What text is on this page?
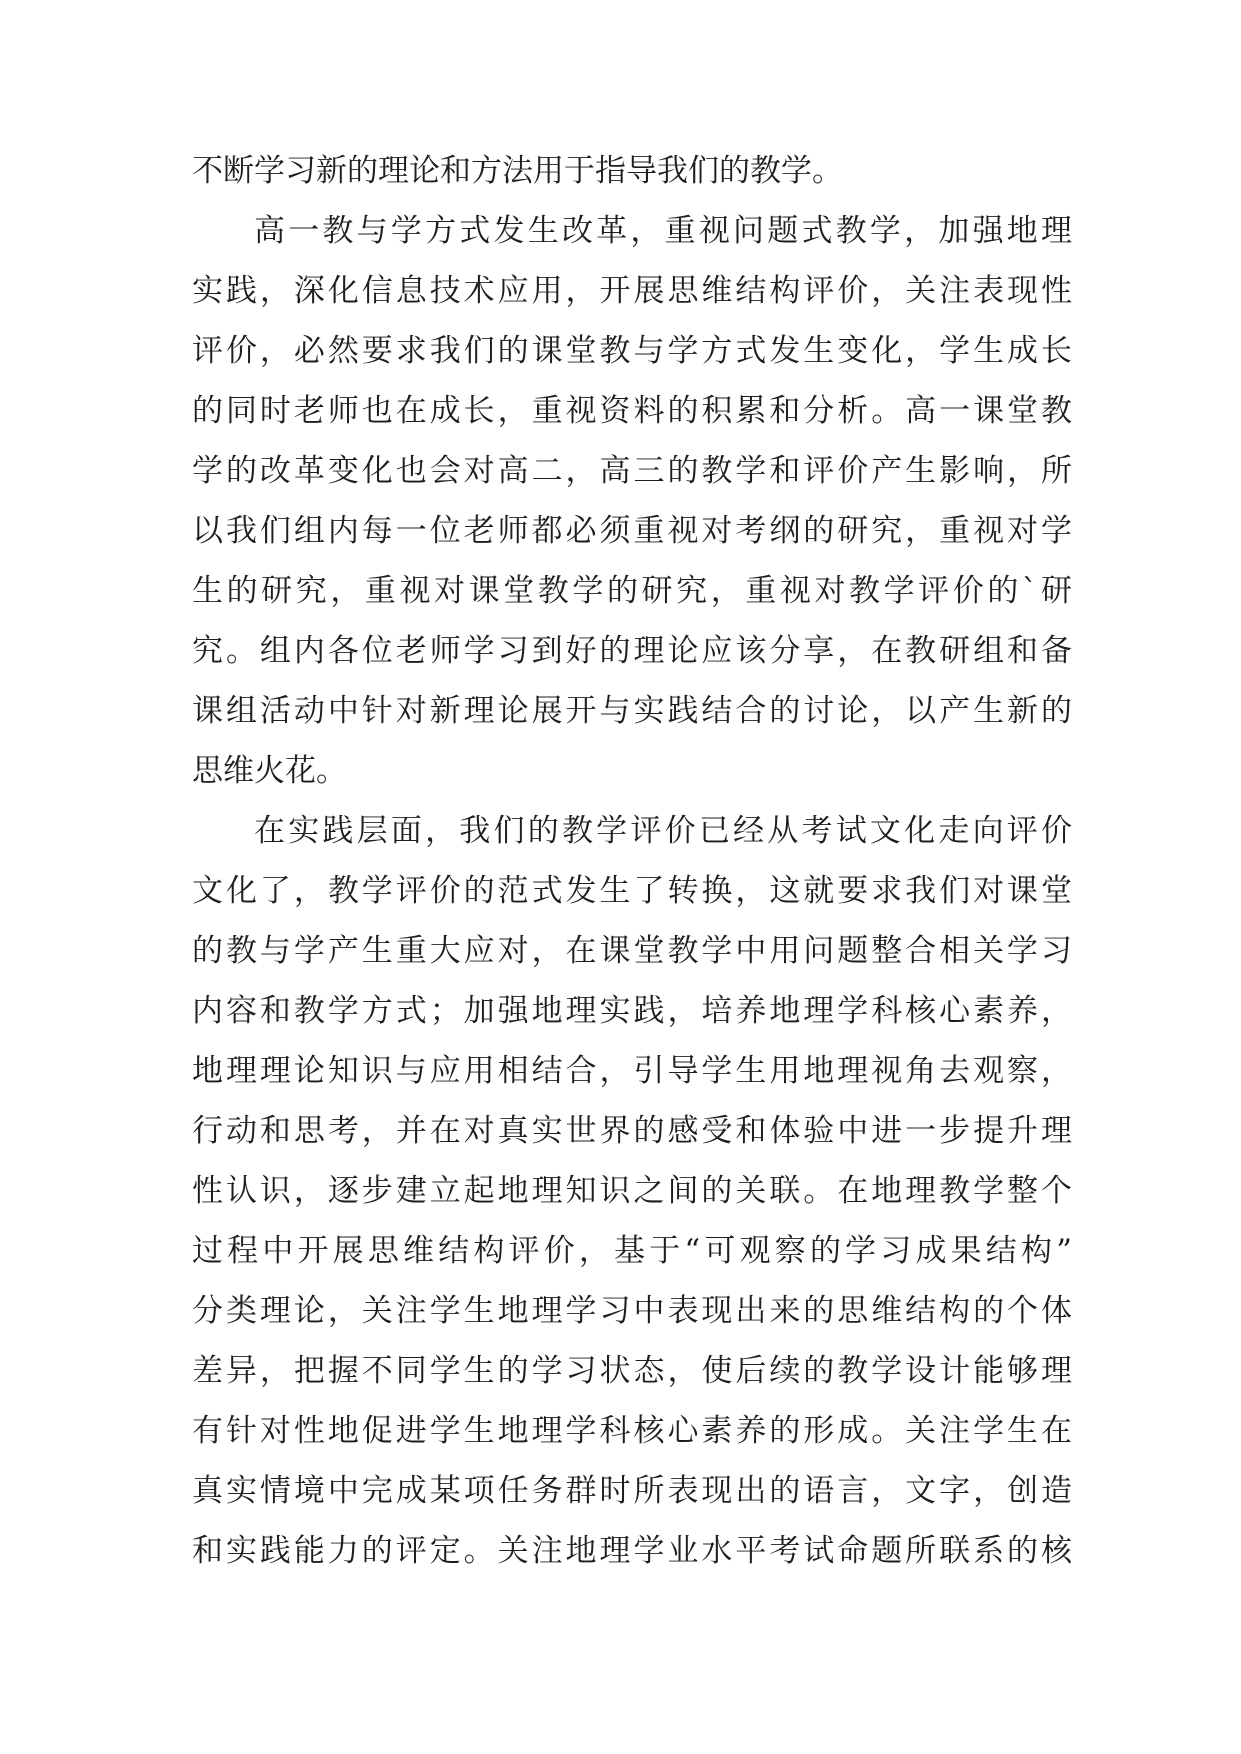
不断学习新的理论和方法用于指导我们的教学。
高一教与学方式发生改革，重视问题式教学，加强地理
实践，深化信息技术应用，开展思维结构评价，关注表现性
评价，必然要求我们的课堂教与学方式发生变化，学生成长
的同时老师也在成长，重视资料的积累和分析。高一课堂教
学的改革变化也会对高二，高三的教学和评价产生影响，所
以我们组内每一位老师都必须重视对考纲的研究，重视对学
生的研究，重视对课堂教学的研究，重视对教学评价的`研
究。组内各位老师学习到好的理论应该分享，在教研组和备
课组活动中针对新理论展开与实践结合的讨论，以产生新的
思维火花。
在实践层面，我们的教学评价已经从考试文化走向评价
文化了，教学评价的范式发生了转换，这就要求我们对课堂
的教与学产生重大应对，在课堂教学中用问题整合相关学习
内容和教学方式；加强地理实践，培养地理学科核心素养，
地理理论知识与应用相结合，引导学生用地理视角去观察，
行动和思考，并在对真实世界的感受和体验中进一步提升理
性认识，逐步建立起地理知识之间的关联。在地理教学整个
过程中开展思维结构评价，基于“可观察的学习成果结构”
分类理论，关注学生地理学习中表现出来的思维结构的个体
差异，把握不同学生的学习状态，使后续的教学设计能够理
有针对性地促进学生地理学科核心素养的形成。关注学生在
真实情境中完成某项任务群时所表现出的语言，文字，创造
和实践能力的评定。关注地理学业水平考试命题所联系的核
